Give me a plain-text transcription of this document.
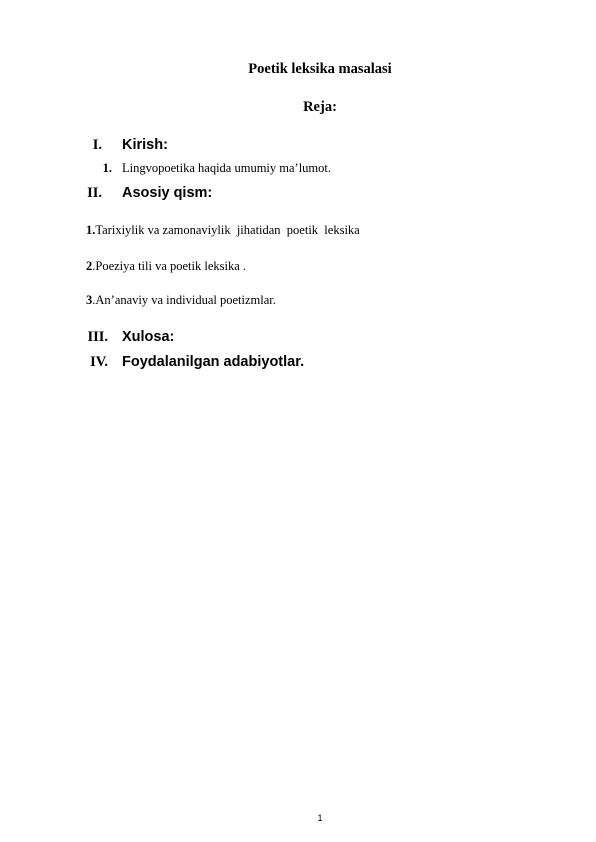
Poetik leksika masalasi
Reja:
I. Kirish:
1. Lingvopoetika haqida umumiy ma’lumot.
II. Asosiy qism:
1.Tarixiylik va zamonaviylik  jihatidan  poetik  leksika
2.Poeziya tili va poetik leksika .
3.An’anaviy va individual poetizmlar.
III. Xulosa:
IV. Foydalanilgan adabiyotlar.
1
